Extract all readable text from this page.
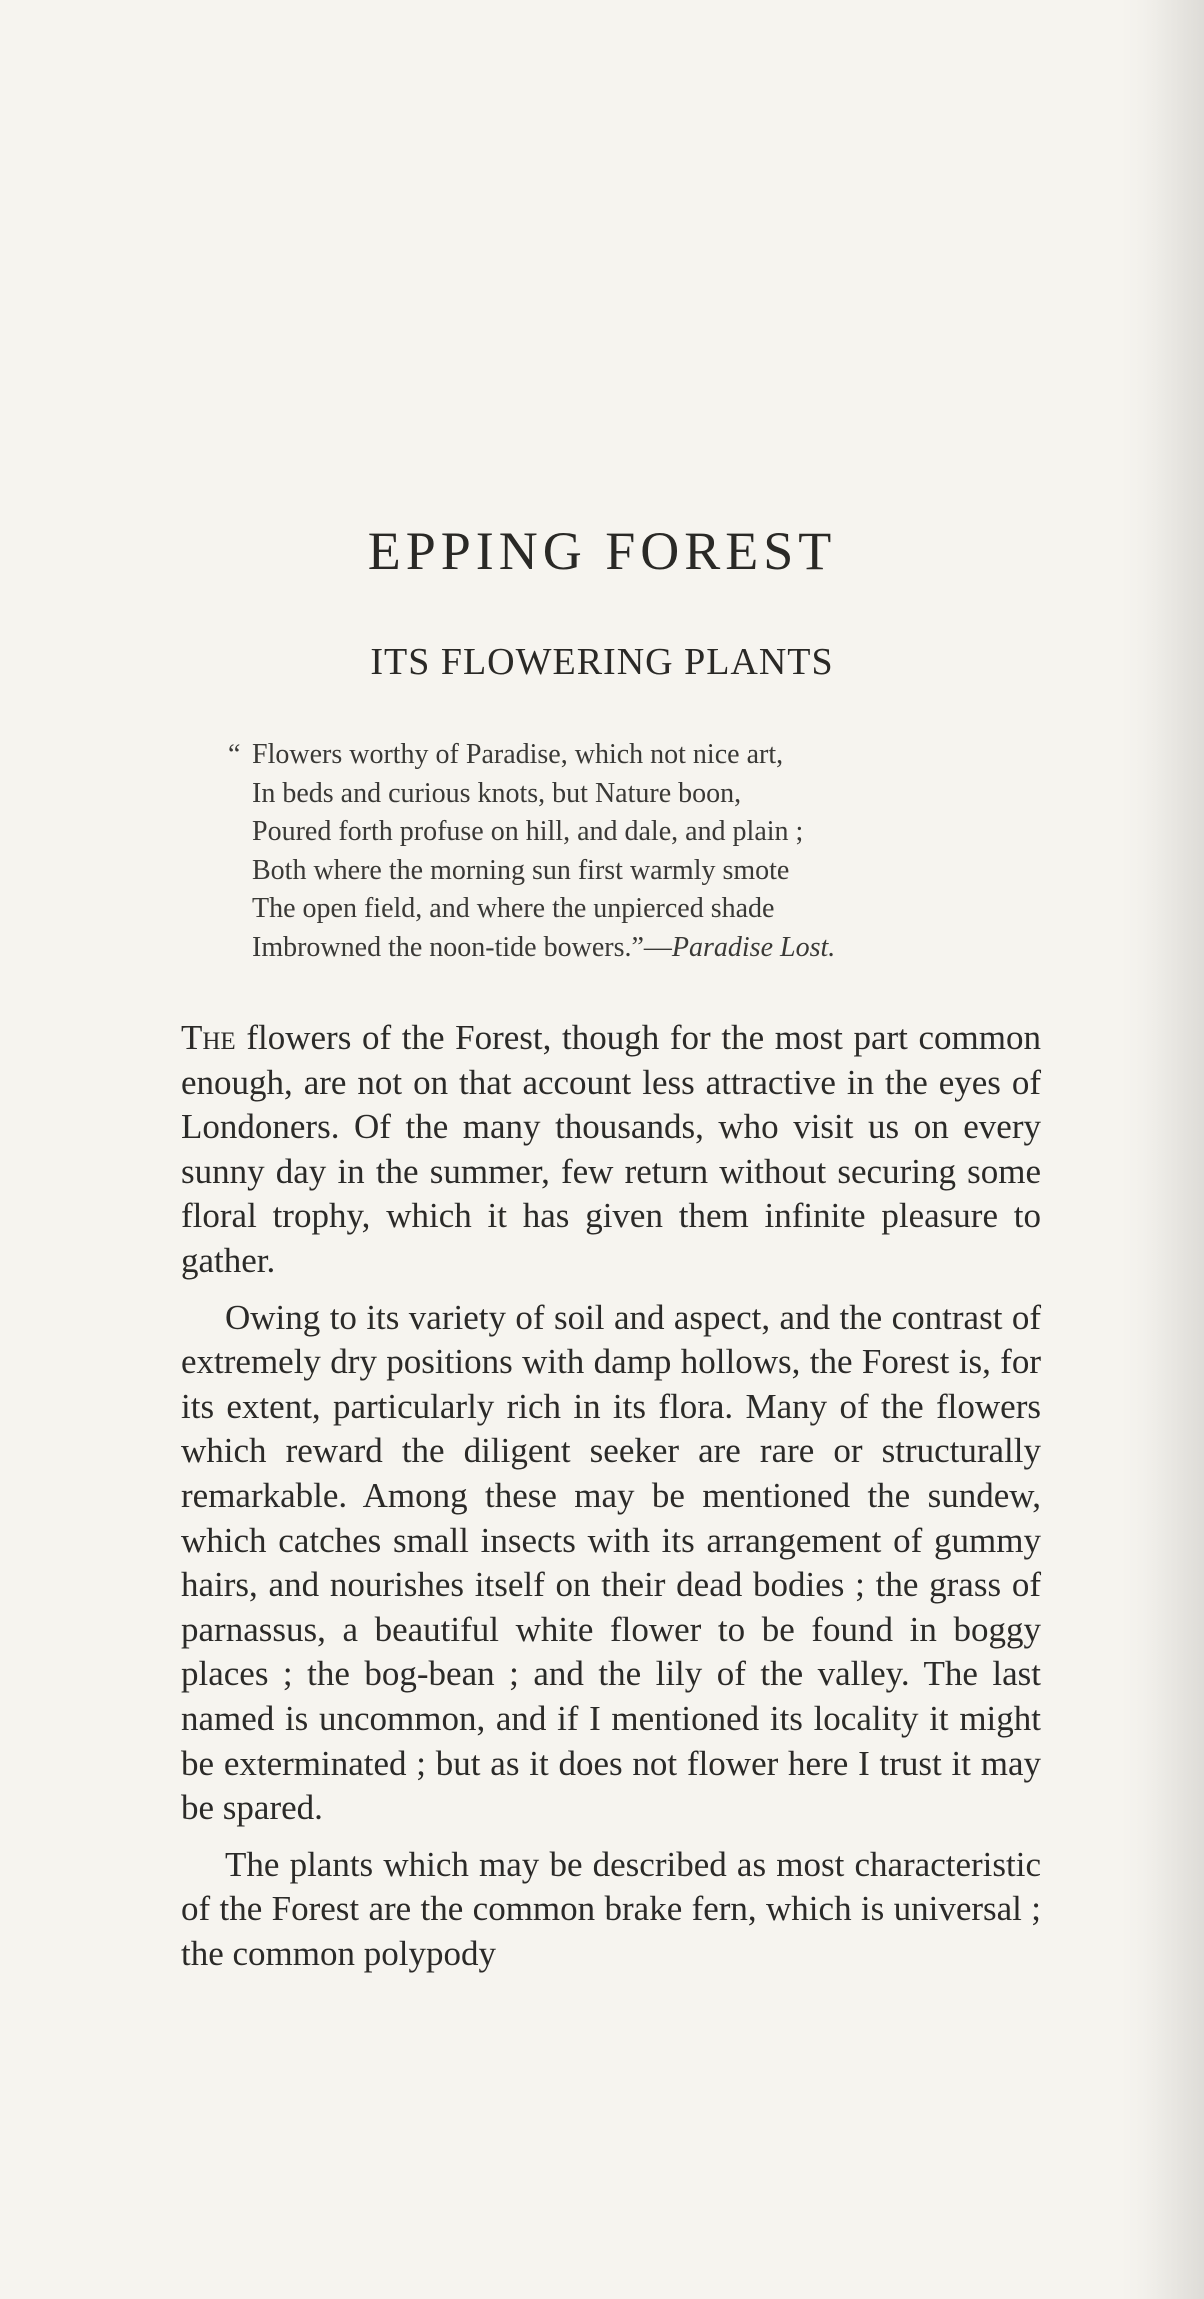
EPPING FOREST
ITS FLOWERING PLANTS
“ Flowers worthy of Paradise, which not nice art,
In beds and curious knots, but Nature boon,
Poured forth profuse on hill, and dale, and plain ;
Both where the morning sun first warmly smote
The open field, and where the unpierced shade
Imbrowned the noon-tide bowers.”—Paradise Lost.

The flowers of the Forest, though for the most part common enough, are not on that account less attractive in the eyes of Londoners. Of the many thousands, who visit us on every sunny day in the summer, few return without securing some floral trophy, which it has given them infinite pleasure to gather.

Owing to its variety of soil and aspect, and the contrast of extremely dry positions with damp hollows, the Forest is, for its extent, particularly rich in its flora. Many of the flowers which reward the diligent seeker are rare or structurally remarkable. Among these may be mentioned the sundew, which catches small insects with its arrangement of gummy hairs, and nourishes itself on their dead bodies ; the grass of parnassus, a beautiful white flower to be found in boggy places ; the bog-bean ; and the lily of the valley. The last named is uncommon, and if I mentioned its locality it might be exterminated ; but as it does not flower here I trust it may be spared.

The plants which may be described as most characteristic of the Forest are the common brake fern, which is universal ; the common polypody
